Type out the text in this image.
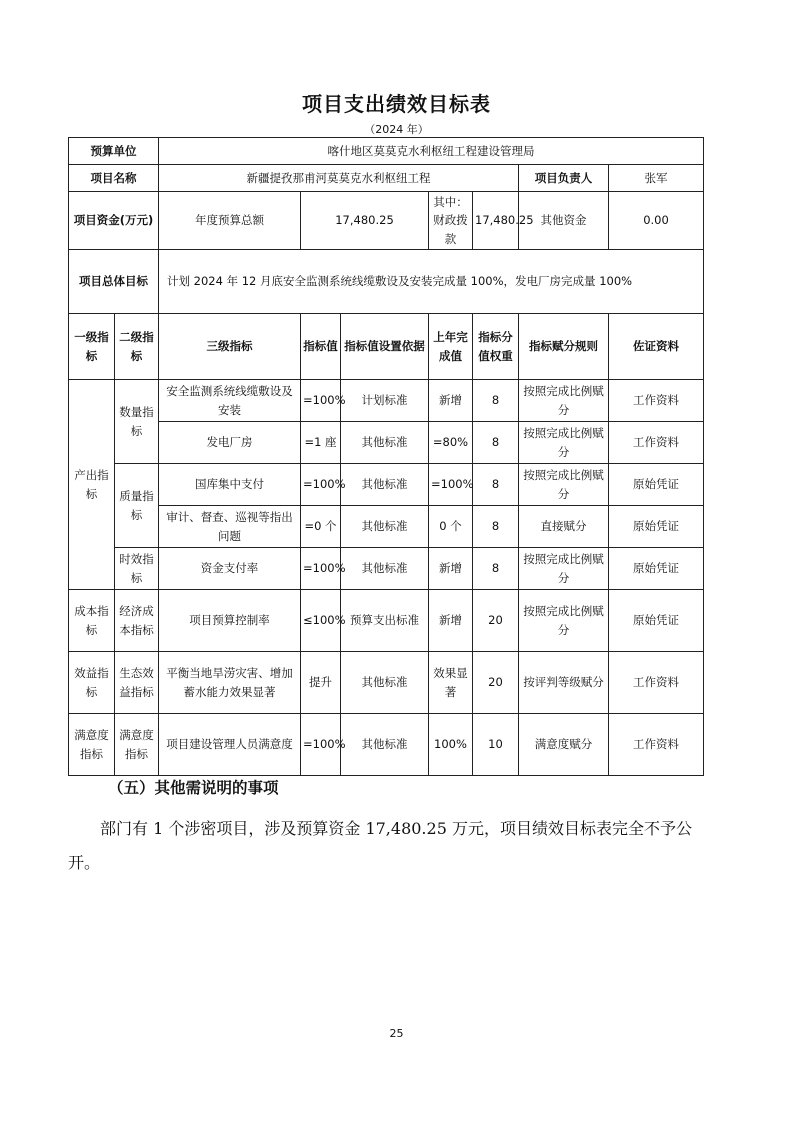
项目支出绩效目标表
（2024 年）
预算单位		喀什地区莫莫克水利枢纽工程建设管理局						
项目名称		新疆提孜那甫河莫莫克水利枢纽工程					项目负责人	张军
项目资金(万元)		年度预算总额	17,480.25		其中：财政拨款	17,480.25	其他资金	0.00
项目总体目标		计划 2024 年 12 月底安全监测系统线缆敷设及安装完成量 100%，发电厂房完成量 100%						
一级指标	二级指标	三级指标	指标值	指标值设置依据	上年完成值	指标分值权重	指标赋分规则	佐证资料
产出指标	数量指标	安全监测系统线缆敷设及安装	=100%	计划标准	新增	8	按照完成比例赋分	工作资料
		发电厂房	=1 座	其他标准	=80%	8	按照完成比例赋分	工作资料
	质量指标	国库集中支付	=100%	其他标准	=100%	8	按照完成比例赋分	原始凭证
		审计、督查、巡视等指出问题	=0 个	其他标准	0 个	8	直接赋分	原始凭证
	时效指标	资金支付率	=100%	其他标准	新增	8	按照完成比例赋分	原始凭证
成本指标	经济成本指标	项目预算控制率	≤100%	预算支出标准	新增	20	按照完成比例赋分	原始凭证
效益指标	生态效益指标	平衡当地旱涝灾害、增加蓄水能力效果显著	提升	其他标准	效果显著	20	按评判等级赋分	工作资料
满意度指标	满意度指标	项目建设管理人员满意度	=100%	其他标准	100%	10	满意度赋分	工作资料
（五）其他需说明的事项
部门有 1 个涉密项目，涉及预算资金 17,480.25 万元，项目绩效目标表完全不予公开。
25
